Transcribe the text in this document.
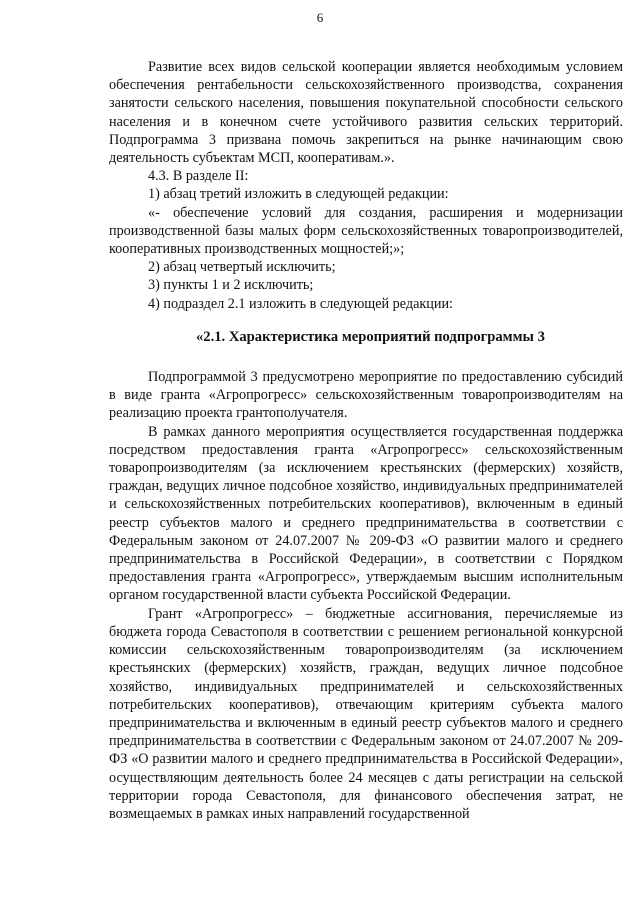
6

Развитие всех видов сельской кооперации является необходимым условием обеспечения рентабельности сельскохозяйственного производства, сохранения занятости сельского населения, повышения покупательной способности сельского населения и в конечном счете устойчивого развития сельских территорий. Подпрограмма 3 призвана помочь закрепиться на рынке начинающим свою деятельность субъектам МСП, кооперативам.».

4.3. В разделе II:

1) абзац третий изложить в следующей редакции:

«- обеспечение условий для создания, расширения и модернизации производственной базы малых форм сельскохозяйственных товаропроизводителей, кооперативных производственных мощностей;»;

2) абзац четвертый исключить;

3) пункты 1 и 2 исключить;

4) подраздел 2.1 изложить в следующей редакции:

«2.1. Характеристика мероприятий подпрограммы 3

Подпрограммой 3 предусмотрено мероприятие по предоставлению субсидий в виде гранта «Агропрогресс» сельскохозяйственным товаропроизводителям на реализацию проекта грантополучателя.

В рамках данного мероприятия осуществляется государственная поддержка посредством предоставления гранта «Агропрогресс» сельскохозяйственным товаропроизводителям (за исключением крестьянских (фермерских) хозяйств, граждан, ведущих личное подсобное хозяйство, индивидуальных предпринимателей и сельскохозяйственных потребительских кооперативов), включенным в единый реестр субъектов малого и среднего предпринимательства в соответствии с Федеральным законом от 24.07.2007 № 209-ФЗ «О развитии малого и среднего предпринимательства в Российской Федерации», в соответствии с Порядком предоставления гранта «Агропрогресс», утверждаемым высшим исполнительным органом государственной власти субъекта Российской Федерации.

Грант «Агропрогресс» – бюджетные ассигнования, перечисляемые из бюджета города Севастополя в соответствии с решением региональной конкурсной комиссии сельскохозяйственным товаропроизводителям (за исключением крестьянских (фермерских) хозяйств, граждан, ведущих личное подсобное хозяйство, индивидуальных предпринимателей и сельскохозяйственных потребительских кооперативов), отвечающим критериям субъекта малого предпринимательства и включенным в единый реестр субъектов малого и среднего предпринимательства в соответствии с Федеральным законом от 24.07.2007 № 209-ФЗ «О развитии малого и среднего предпринимательства в Российской Федерации», осуществляющим деятельность более 24 месяцев с даты регистрации на сельской территории города Севастополя, для финансового обеспечения затрат, не возмещаемых в рамках иных направлений государственной
